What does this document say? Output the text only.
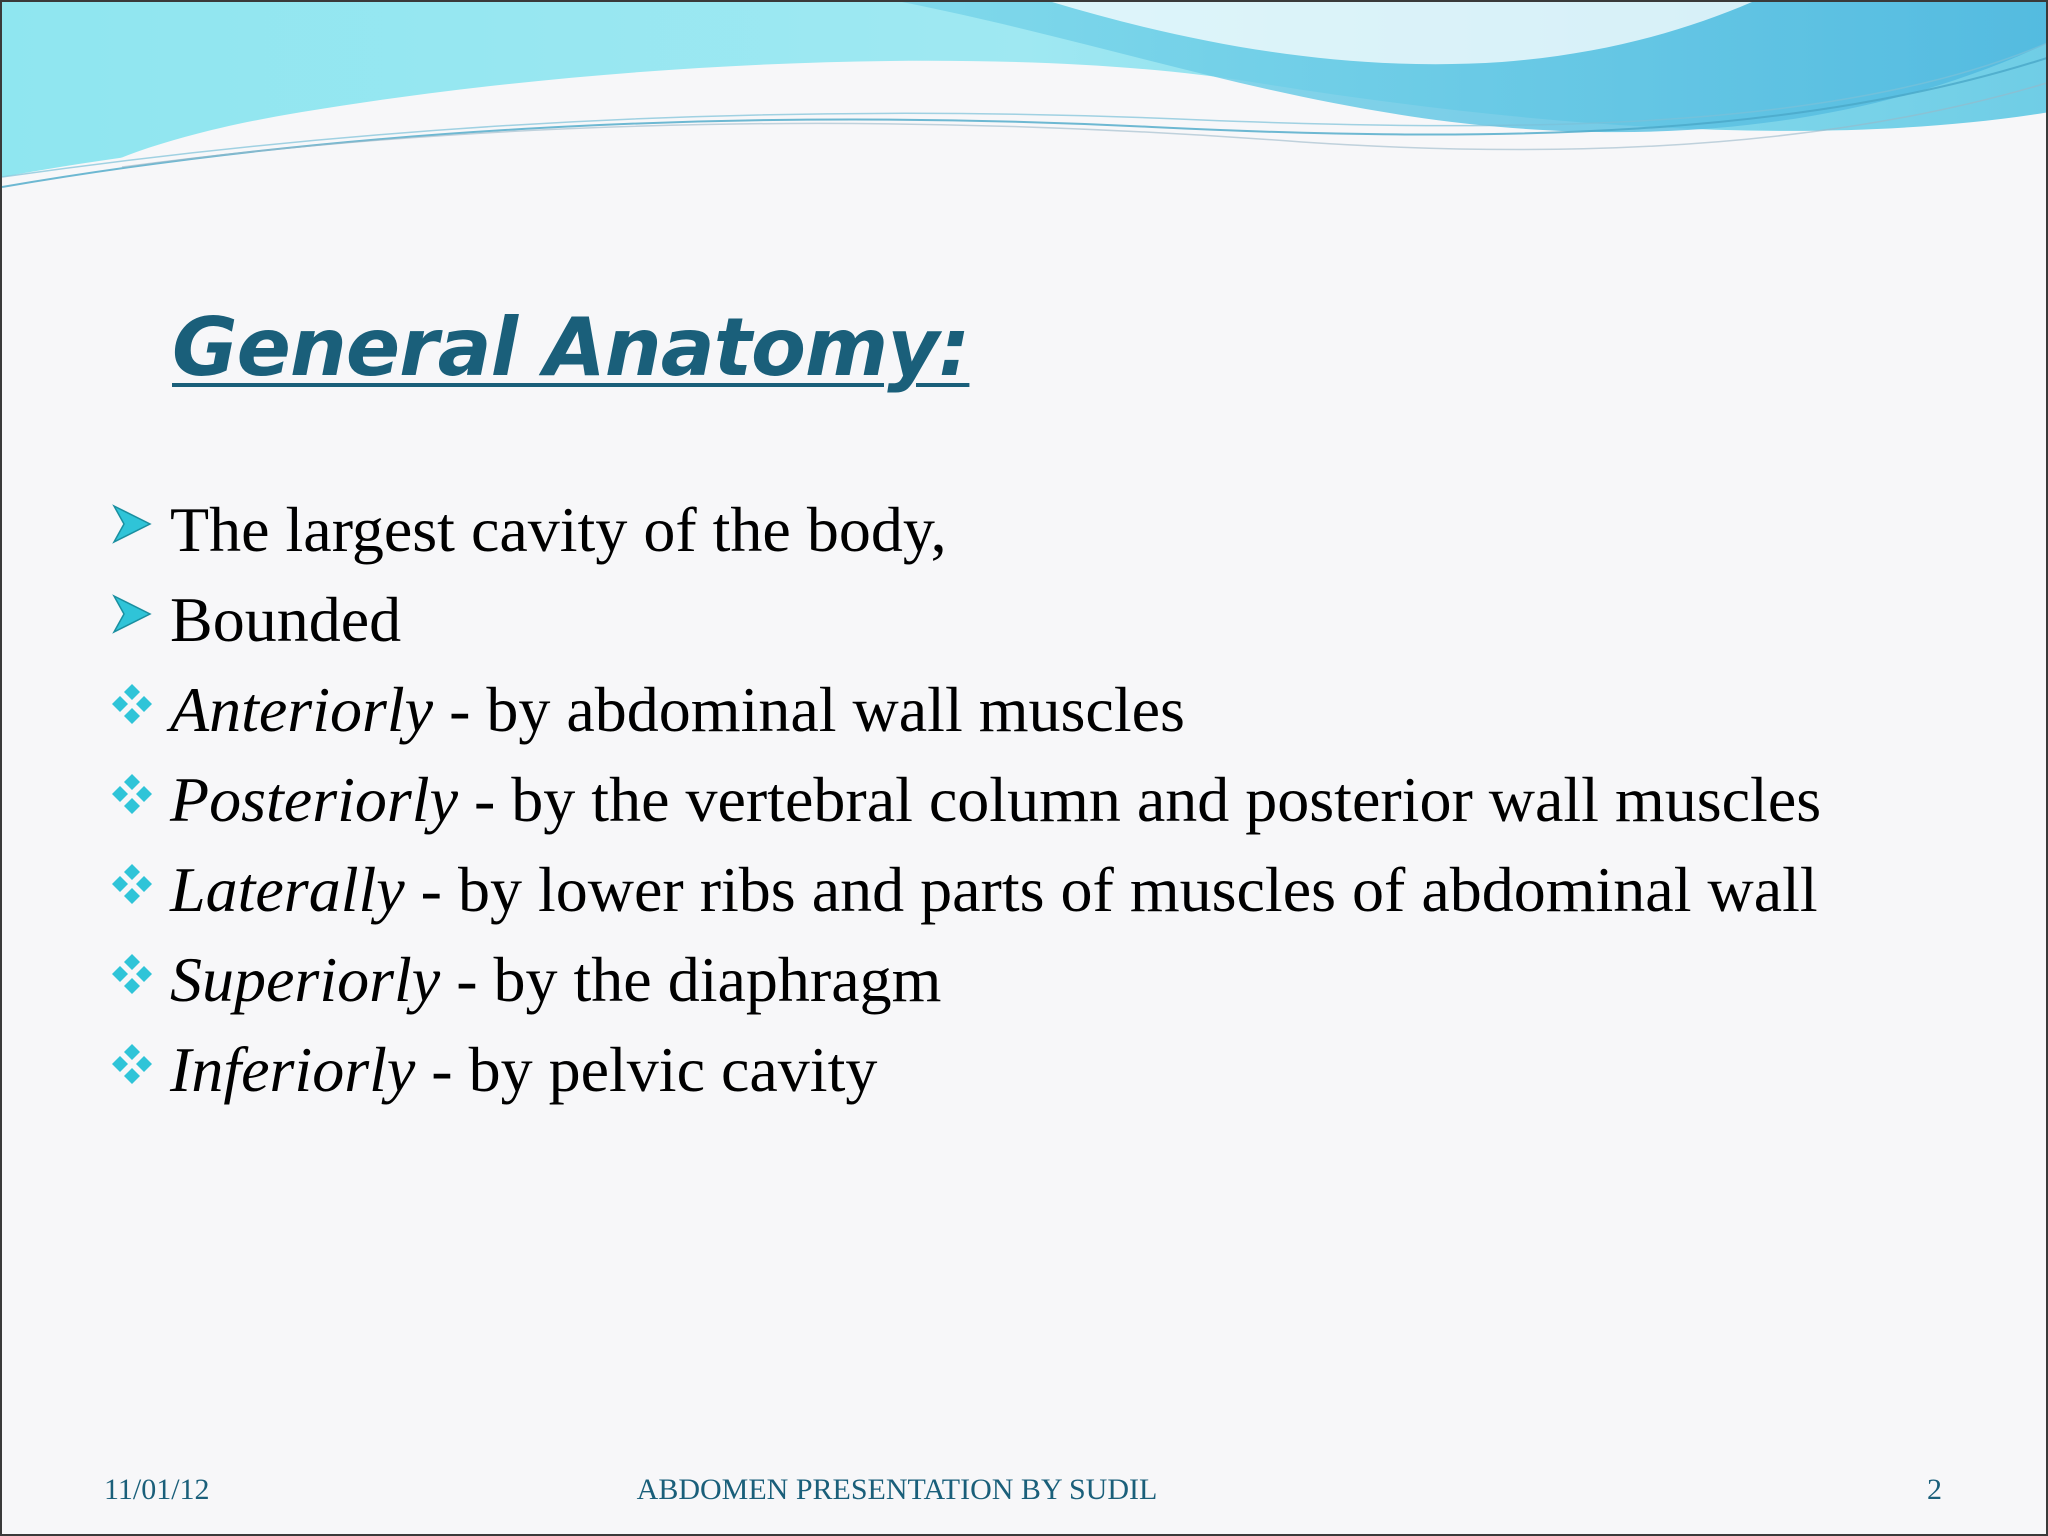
General Anatomy:
The largest cavity of the body,
Bounded
Anteriorly - by abdominal wall muscles
Posteriorly - by the vertebral column and posterior wall muscles
Laterally - by lower ribs and parts of muscles of abdominal wall
Superiorly - by the diaphragm
Inferiorly - by pelvic cavity
11/01/12	ABDOMEN PRESENTATION BY SUDIL	2
